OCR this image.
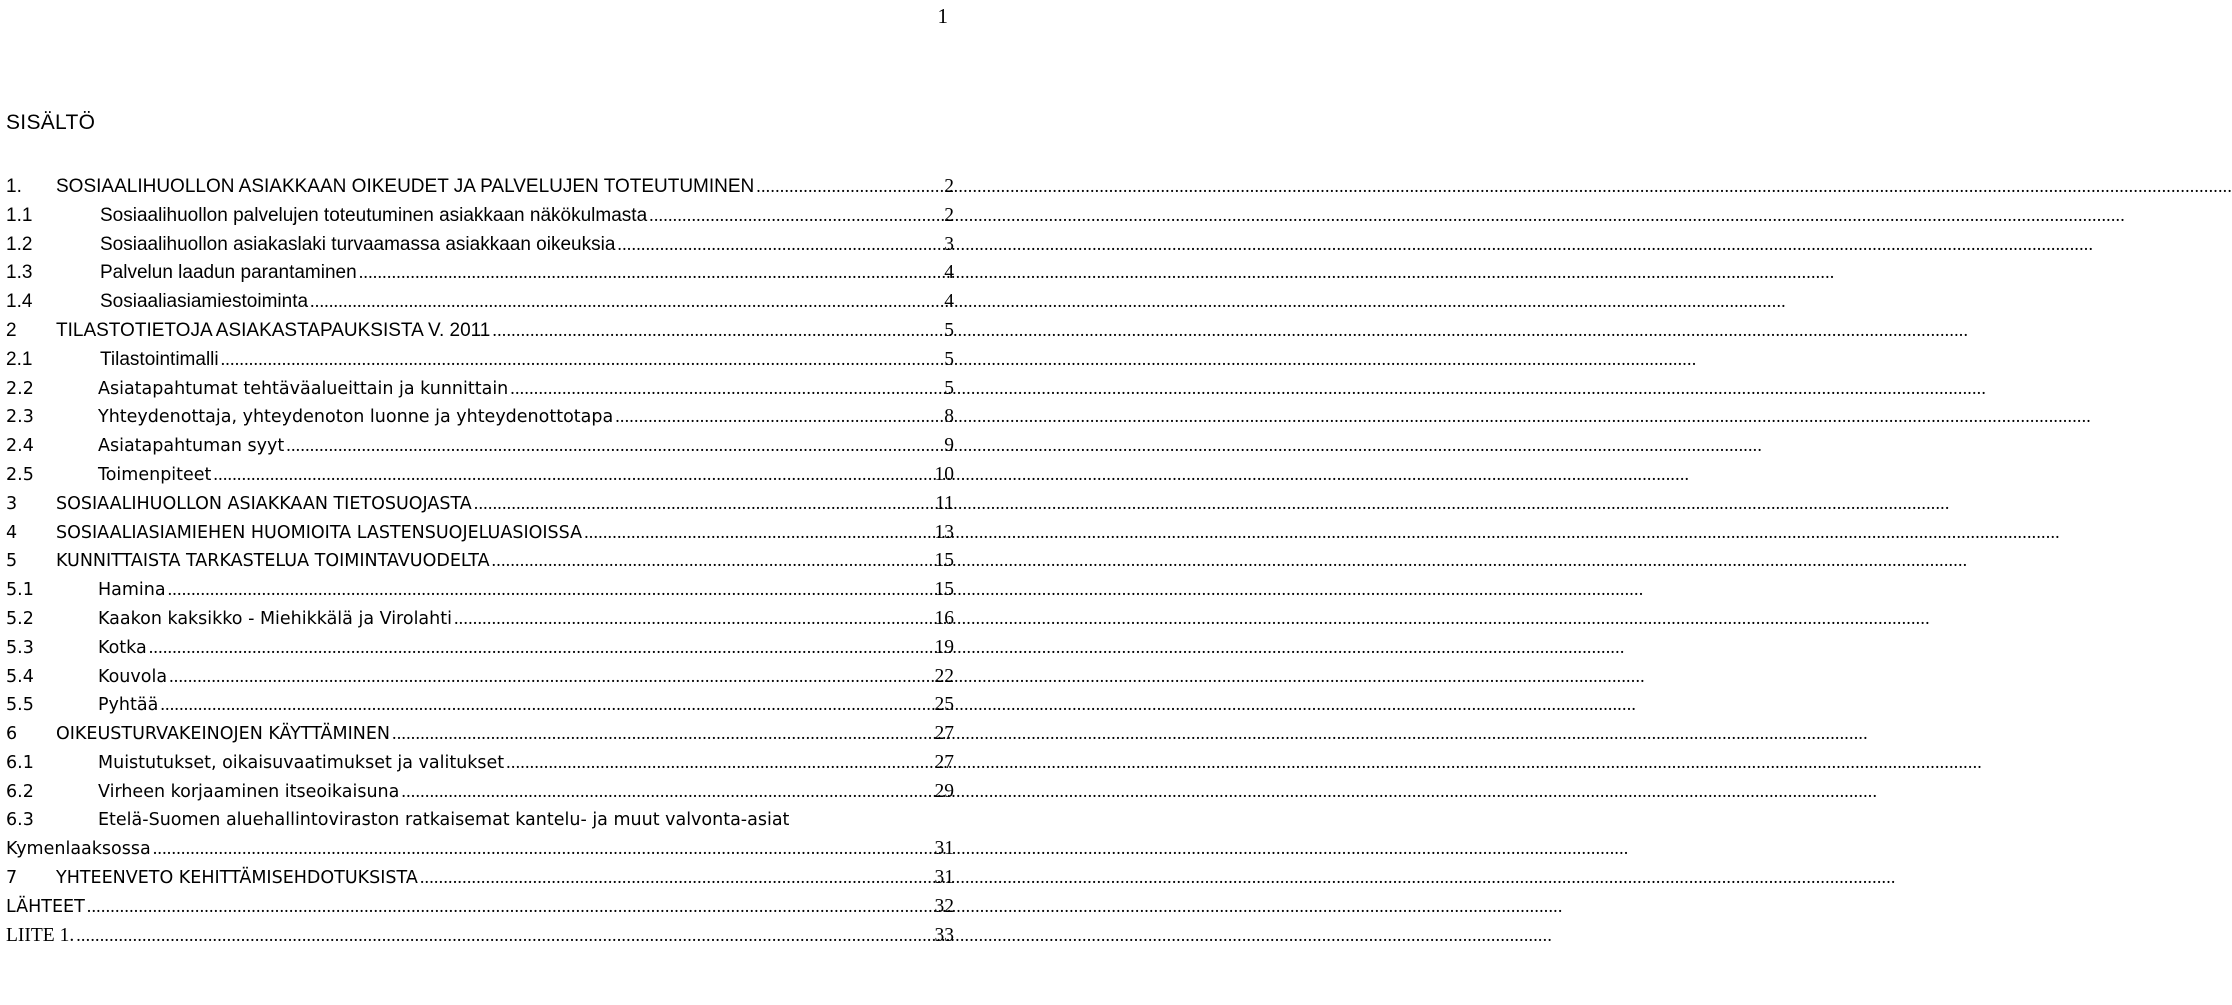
1
SISÄLTÖ
1.	SOSIAALIHUOLLON ASIAKKAAN OIKEUDET JA PALVELUJEN TOTEUTUMINEN .....	2
1.1	Sosiaalihuollon palvelujen toteutuminen asiakkaan näkökulmasta .....	2
1.2	Sosiaalihuollon asiakaslaki turvaamassa asiakkaan oikeuksia .....	3
1.3	Palvelun laadun parantaminen .....	4
1.4	Sosiaaliasiamiestoiminta .....	4
2	TILASTOTIETOJA ASIAKASTAPAUKSISTA V. 2011 .....	5
2.1	Tilastointimalli .....	5
2.2	Asiatapahtumat tehtäväalueittain ja kunnittain .....	5
2.3	Yhteydenottaja, yhteydenoton luonne ja yhteydenottotapa .....	8
2.4	Asiatapahtuman syyt .....	9
2.5	Toimenpiteet .....	10
3	SOSIAALIHUOLLON ASIAKKAAN TIETOSUOJASTA .....	11
4	SOSIAALIASIAMIEHEN HUOMIOITA LASTENSUOJELUASIOISSA .....	13
5	KUNNITTAISTA TARKASTELUA TOIMINTAVUODELTA .....	15
5.1	Hamina .....	15
5.2	Kaakon kaksikko - Miehikkälä ja Virolahti .....	16
5.3	Kotka .....	19
5.4	Kouvola .....	22
5.5	Pyhtää .....	25
6	OIKEUSTURVAKEINOJEN KÄYTTÄMINEN .....	27
6.1	Muistutukset, oikaisuvaatimukset ja valitukset .....	27
6.2	Virheen korjaaminen itseoikaisuna .....	29
6.3	Etelä-Suomen aluehallintoviraston ratkaisemat kantelu- ja muut valvonta-asiat
Kymenlaaksossa .....	31
7	YHTEENVETO KEHITTÄMISEHDOTUKSISTA .....	31
LÄHTEET .....	32
LIITE 1. .....	33
